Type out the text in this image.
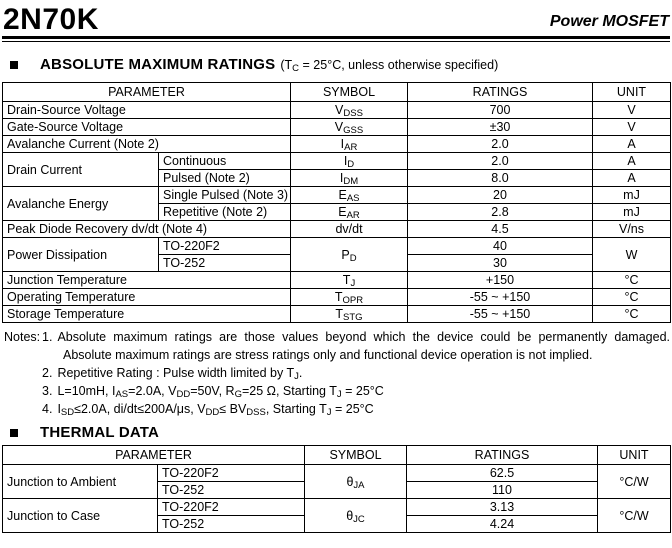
2N70K	Power MOSFET
ABSOLUTE MAXIMUM RATINGS ($T_C = 25^\circ C$, unless otherwise specified)
PARAMETER		SYMBOL	RATINGS	UNIT
Drain-Source Voltage		$V_{DSS}$	700	V
Gate-Source Voltage		$V_{GSS}$	±30	V
Avalanche Current (Note 2)		$I_{AR}$	2.0	A
Drain Current	Continuous	$I_D$	2.0	A
	Pulsed (Note 2)	$I_{DM}$	8.0	A
Avalanche Energy	Single Pulsed (Note 3)	$E_{AS}$	20	mJ
	Repetitive (Note 2)	$E_{AR}$	2.8	mJ
Peak Diode Recovery dv/dt (Note 4)		dv/dt	4.5	V/ns
Power Dissipation	TO-220F2	$P_D$	40	W
	TO-252		30	
Junction Temperature		$T_J$	+150	°C
Operating Temperature		$T_{OPR}$	-55 ~ +150	°C
Storage Temperature		$T_{STG}$	-55 ~ +150	°C
Notes: 1. Absolute maximum ratings are those values beyond which the device could be permanently damaged.
Absolute maximum ratings are stress ratings only and functional device operation is not implied.
2. Repetitive Rating : Pulse width limited by $T_J$.
3. L=10mH, $I_{AS}=2.0A$, $V_{DD}=50V$, $R_G=25$ Ω, Starting $T_J = 25^\circ C$
4. $I_{SD}\le 2.0A$, di/dt≤200A/μs, $V_{DD}\le BV_{DSS}$, Starting $T_J = 25^\circ C$
THERMAL DATA
PARAMETER		SYMBOL	RATINGS	UNIT
Junction to Ambient	TO-220F2	$\theta_{JA}$	62.5	°C/W
	TO-252		110	
Junction to Case	TO-220F2	$\theta_{JC}$	3.13	°C/W
	TO-252		4.24	
